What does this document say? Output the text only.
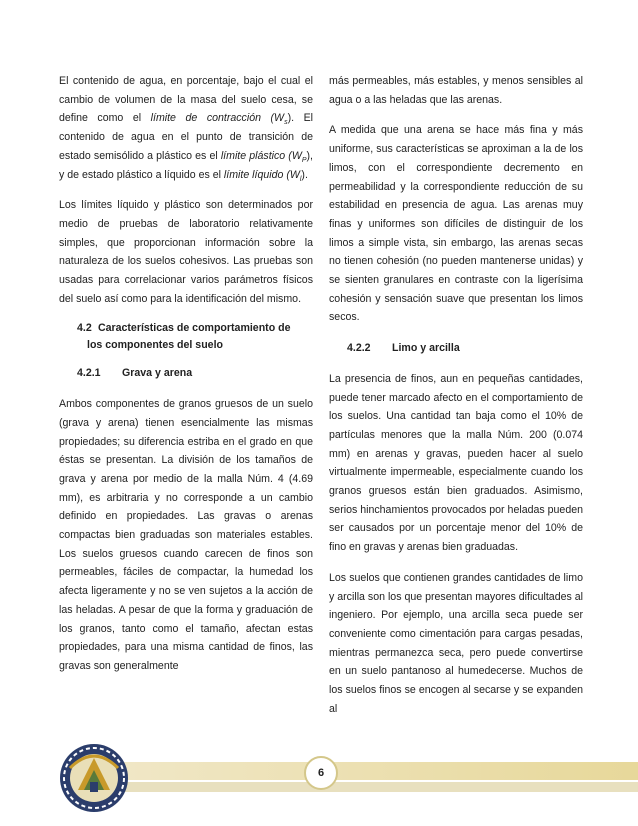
El contenido de agua, en porcentaje, bajo el cual el cambio de volumen de la masa del suelo cesa, se define como el límite de contracción $(W_s)$. El contenido de agua en el punto de transición de estado semisólido a plástico es el límite plástico $(W_P)$, y de estado plástico a líquido es el límite líquido $(W_l)$.

Los límites líquido y plástico son determinados por medio de pruebas de laboratorio relativamente simples, que proporcionan información sobre la naturaleza de los suelos cohesivos. Las pruebas son usadas para correlacionar varios parámetros físicos del suelo así como para la identificación del mismo.

4.2 Características de comportamiento de
los componentes del suelo
4.2.1 Grava y arena

Ambos componentes de granos gruesos de un suelo (grava y arena) tienen esencialmente las mismas propiedades; su diferencia estriba en el grado en que éstas se presentan. La división de los tamaños de grava y arena por medio de la malla Núm. 4 (4.69 mm), es arbitraria y no corresponde a un cambio definido en propiedades. Las gravas o arenas compactas bien graduadas son materiales estables. Los suelos gruesos cuando carecen de finos son permeables, fáciles de compactar, la humedad los afecta ligeramente y no se ven sujetos a la acción de las heladas. A pesar de que la forma y graduación de los granos, tanto como el tamaño, afectan estas propiedades, para una misma cantidad de finos, las gravas son generalmente

más permeables, más estables, y menos sensibles al agua o a las heladas que las arenas.

A medida que una arena se hace más fina y más uniforme, sus características se aproximan a la de los limos, con el correspondiente decremento en permeabilidad y la correspondiente reducción de su estabilidad en presencia de agua. Las arenas muy finas y uniformes son difíciles de distinguir de los limos a simple vista, sin embargo, las arenas secas no tienen cohesión (no pueden mantenerse unidas) y se sienten granulares en contraste con la ligerísima cohesión y sensación suave que presentan los limos secos.

4.2.2 Limo y arcilla

La presencia de finos, aun en pequeñas cantidades, puede tener marcado afecto en el comportamiento de los suelos. Una cantidad tan baja como el 10% de partículas menores que la malla Núm. 200 (0.074 mm) en arenas y gravas, pueden hacer al suelo virtualmente impermeable, especialmente cuando los granos gruesos están bien graduados. Asimismo, serios hinchamientos provocados por heladas pueden ser causados por un porcentaje menor del 10% de fino en gravas y arenas bien graduadas.

Los suelos que contienen grandes cantidades de limo y arcilla son los que presentan mayores dificultades al ingeniero. Por ejemplo, una arcilla seca puede ser conveniente como cimentación para cargas pesadas, mientras permanezca seca, pero puede convertirse en un suelo pantanoso al humedecerse. Muchos de los suelos finos se encogen al secarse y se expanden al

6
